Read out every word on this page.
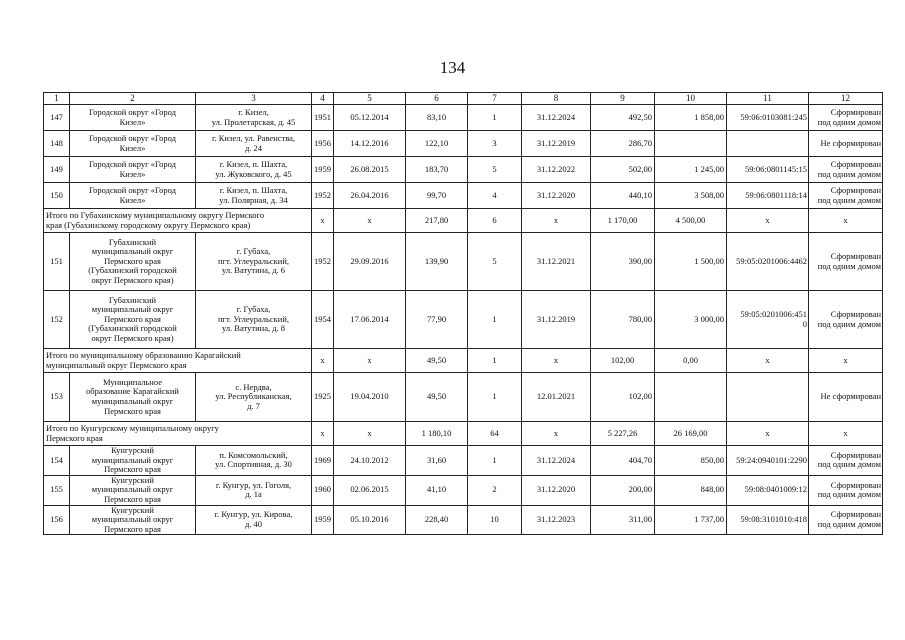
134
1	2	3	4	5	6	7	8	9	10	11	12
147	Городской округ «Город
Кизел»	г. Кизел,
ул. Пролетарская, д. 45	1951	05.12.2014	83,10	1	31.12.2024	492,50	1 858,00	59:06:0103081:245	Сформирован
под одним домом
148	Городской округ «Город
Кизел»	г. Кизел, ул. Равенства,
д. 24	1956	14.12.2016	122,10	3	31.12.2019	286,70			Не сформирован
149	Городской округ «Город
Кизел»	г. Кизел, п. Шахта,
ул. Жуковского, д. 45	1959	26.08.2015	183,70	5	31.12.2022	502,00	1 245,00	59:06:0801145:15	Сформирован
под одним домом
150	Городской округ «Город
Кизел»	г. Кизел, п. Шахта,
ул. Полярная, д. 34	1952	26.04.2016	99,70	4	31.12.2020	440,10	3 508,00	59:06:0801118:14	Сформирован
под одним домом
Итого по Губахинскому муниципальному округу Пермского
края (Губахинскому городскому округу Пермского края)			х	х	217,80	6	х	1 170,00	4 500,00	х	х
151	Губахинский
муниципальный округ
Пермского края
(Губахинский городской
округ Пермского края)	г. Губаха,
пгт. Углеуральский,
ул. Ватутина, д. 6	1952	29.09.2016	139,90	5	31.12.2021	390,00	1 500,00	59:05:0201006:4462	Сформирован
под одним домом
152	Губахинский
муниципальный округ
Пермского края
(Губахинский городской
округ Пермского края)	г. Губаха,
пгт. Углеуральский,
ул. Ватутина, д. 8	1954	17.06.2014	77,90	1	31.12.2019	780,00	3 000,00	59:05:0201006:451
0	Сформирован
под одним домом
Итого по муниципальному образованию Карагайский
муниципальный округ Пермского края			х	х	49,50	1	х	102,00	0,00	х	х
153	Муниципальное
образование Карагайский
муниципальный округ
Пермского края	с. Нердва,
ул. Республиканская,
д. 7	1925	19.04.2010	49,50	1	12.01.2021	102,00			Не сформирован
Итого по Кунгурскому муниципальному округу
Пермского края			х	х	1 180,10	64	х	5 227,26	26 169,00	х	х
154	Кунгурский
муниципальный округ
Пермского края	п. Комсомольский,
ул. Спортивная, д. 30	1969	24.10.2012	31,60	1	31.12.2024	404,70	850,00	59:24:0940101:2290	Сформирован
под одним домом
155	Кунгурский
муниципальный округ
Пермского края	г. Кунгур, ул. Гоголя,
д. 1а	1960	02.06.2015	41,10	2	31.12.2020	200,00	848,00	59:08:0401009:12	Сформирован
под одним домом
156	Кунгурский
муниципальный округ
Пермского края	г. Кунгур, ул. Кирова,
д. 40	1959	05.10.2016	228,40	10	31.12.2023	311,00	1 737,00	59:08:3101010:418	Сформирован
под одним домом
